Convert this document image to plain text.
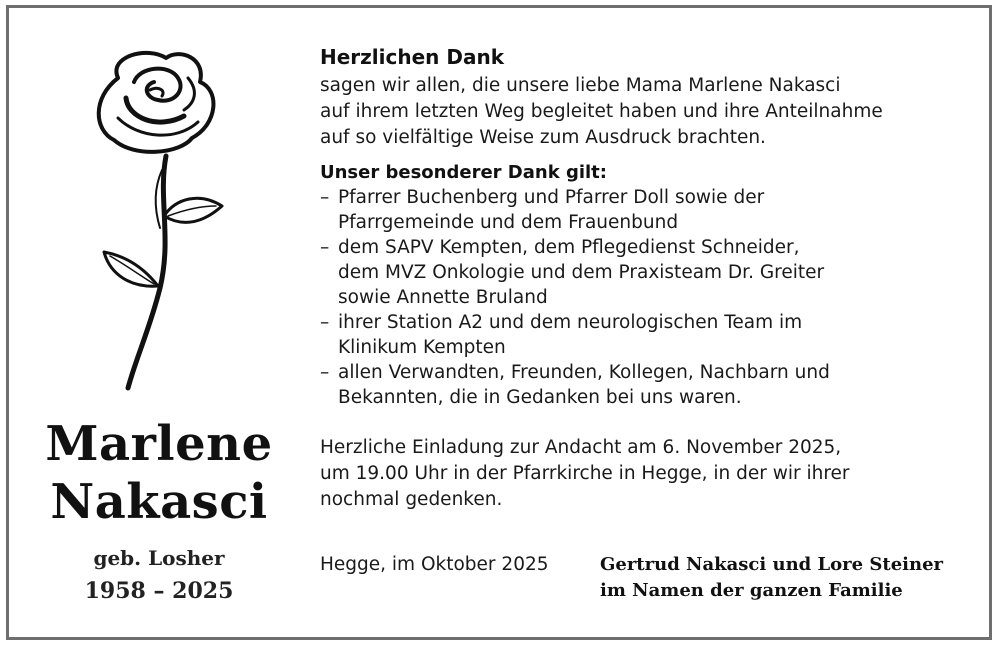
Marlene
Nakasci
geb. Losher
1958 – 2025
Herzlichen Dank
sagen wir allen, die unsere liebe Mama Marlene Nakasci
auf ihrem letzten Weg begleitet haben und ihre Anteilnahme
auf so vielfältige Weise zum Ausdruck brachten.
Unser besonderer Dank gilt:
– Pfarrer Buchenberg und Pfarrer Doll sowie der
Pfarrgemeinde und dem Frauenbund
– dem SAPV Kempten, dem Pflegedienst Schneider,
dem MVZ Onkologie und dem Praxisteam Dr. Greiter
sowie Annette Bruland
– ihrer Station A2 und dem neurologischen Team im
Klinikum Kempten
– allen Verwandten, Freunden, Kollegen, Nachbarn und
Bekannten, die in Gedanken bei uns waren.
Herzliche Einladung zur Andacht am 6. November 2025,
um 19.00 Uhr in der Pfarrkirche in Hegge, in der wir ihrer
nochmal gedenken.
Hegge, im Oktober 2025	Gertrud Nakasci und Lore Steiner
im Namen der ganzen Familie
